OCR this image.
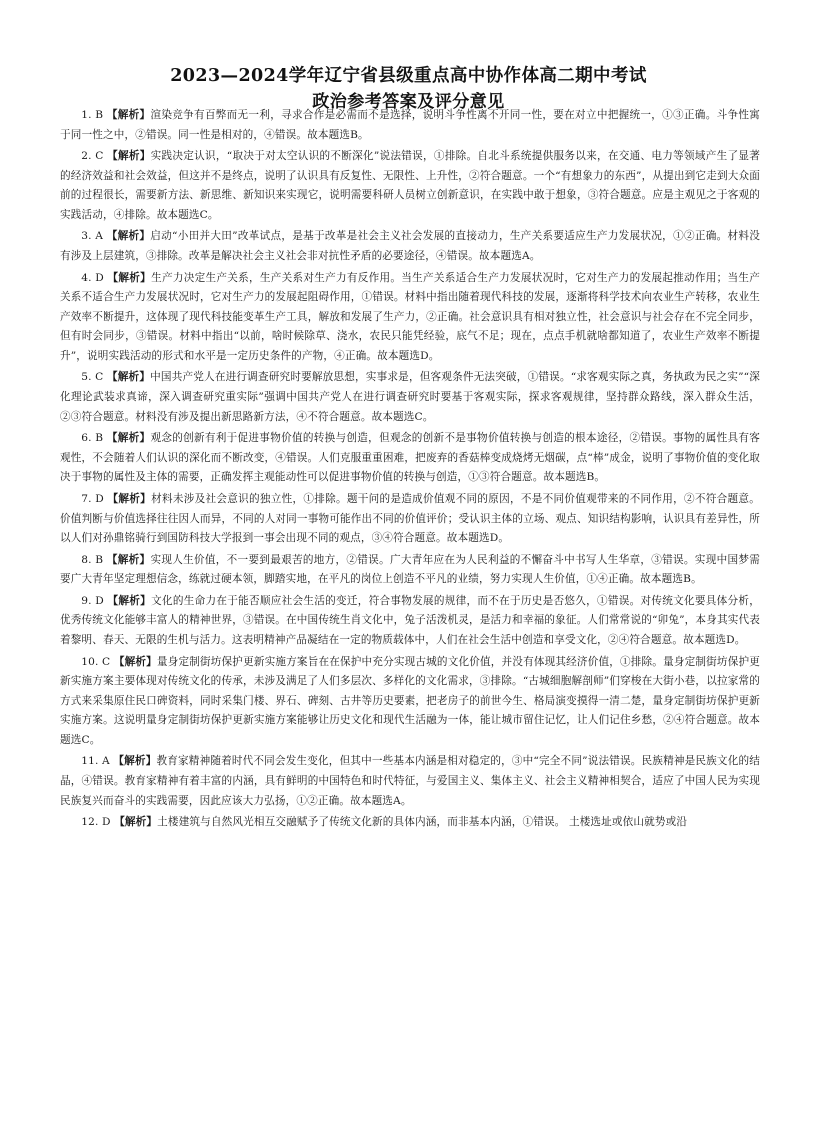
2023—2024学年辽宁省县级重点高中协作体高二期中考试
政治参考答案及评分意见

1. B 【解析】渲染竞争有百弊而无一利，寻求合作是必需而不是选择，说明斗争性离不开同一性，要在对立中把握统一，①③正确。斗争性寓于同一性之中，②错误。同一性是相对的，④错误。故本题选B。

2. C 【解析】实践决定认识，“取决于对太空认识的不断深化”说法错误，①排除。自北斗系统提供服务以来，在交通、电力等领域产生了显著的经济效益和社会效益，但这并不是终点，说明了认识具有反复性、无限性、上升性，②符合题意。一个“有想象力的东西”，从提出到它走到大众面前的过程很长，需要新方法、新思维、新知识来实现它，说明需要科研人员树立创新意识，在实践中敢于想象，③符合题意。应是主观见之于客观的实践活动，④排除。故本题选C。

3. A 【解析】启动“小田并大田”改革试点，是基于改革是社会主义社会发展的直接动力，生产关系要适应生产力发展状况，①②正确。材料没有涉及上层建筑，③排除。改革是解决社会主义社会非对抗性矛盾的必要途径，④错误。故本题选A。

4. D 【解析】生产力决定生产关系，生产关系对生产力有反作用。当生产关系适合生产力发展状况时，它对生产力的发展起推动作用；当生产关系不适合生产力发展状况时，它对生产力的发展起阻碍作用，①错误。材料中指出随着现代科技的发展，逐渐将科学技术向农业生产转移，农业生产效率不断提升，这体现了现代科技能变革生产工具，解放和发展了生产力，②正确。社会意识具有相对独立性，社会意识与社会存在不完全同步，但有时会同步，③错误。材料中指出“以前，啥时候除草、浇水，农民只能凭经验，底气不足；现在，点点手机就啥都知道了，农业生产效率不断提升”，说明实践活动的形式和水平是一定历史条件的产物，④正确。故本题选D。

5. C 【解析】中国共产党人在进行调查研究时要解放思想，实事求是，但客观条件无法突破，①错误。“求客观实际之真，务执政为民之实”“深化理论武装求真谛，深入调查研究重实际”强调中国共产党人在进行调查研究时要基于客观实际，探求客观规律，坚持群众路线，深入群众生活，②③符合题意。材料没有涉及提出新思路新方法，④不符合题意。故本题选C。

6. B 【解析】观念的创新有利于促进事物价值的转换与创造，但观念的创新不是事物价值转换与创造的根本途径，②错误。事物的属性具有客观性，不会随着人们认识的深化而不断改变，④错误。人们克服重重困难，把废弃的香菇棒变成烧烤无烟碳，点“棒”成金，说明了事物价值的变化取决于事物的属性及主体的需要，正确发挥主观能动性可以促进事物价值的转换与创造，①③符合题意。故本题选B。

7. D 【解析】材料未涉及社会意识的独立性，①排除。题干问的是造成价值观不同的原因，不是不同价值观带来的不同作用，②不符合题意。价值判断与价值选择往往因人而异，不同的人对同一事物可能作出不同的价值评价；受认识主体的立场、观点、知识结构影响，认识具有差异性，所以人们对孙鼎铭骑行到国防科技大学报到一事会出现不同的观点，③④符合题意。故本题选D。

8. B 【解析】实现人生价值，不一要到最艰苦的地方，②错误。广大青年应在为人民利益的不懈奋斗中书写人生华章，③错误。实现中国梦需要广大青年坚定理想信念，练就过硬本领，脚踏实地，在平凡的岗位上创造不平凡的业绩，努力实现人生价值，①④正确。故本题选B。

9. D 【解析】文化的生命力在于能否顺应社会生活的变迁，符合事物发展的规律，而不在于历史是否悠久，①错误。对传统文化要具体分析，优秀传统文化能够丰富人的精神世界，③错误。在中国传统生肖文化中，兔子活泼机灵，是活力和幸福的象征。人们常常说的“卯兔”，本身其实代表着黎明、春天、无限的生机与活力。这表明精神产品凝结在一定的物质载体中，人们在社会生活中创造和享受文化，②④符合题意。故本题选D。

10. C 【解析】量身定制街坊保护更新实施方案旨在在保护中充分实现古城的文化价值，并没有体现其经济价值，①排除。量身定制街坊保护更新实施方案主要体现对传统文化的传承，未涉及满足了人们多层次、多样化的文化需求，③排除。“古城细胞解剖师”们穿梭在大街小巷，以拉家常的方式来采集原住民口碑资料，同时采集门楼、界石、碑刻、古井等历史要素，把老房子的前世今生、格局演变摸得一清二楚，量身定制街坊保护更新实施方案。这说明量身定制街坊保护更新实施方案能够让历史文化和现代生活融为一体，能让城市留住记忆，让人们记住乡愁，②④符合题意。故本题选C。

11. A 【解析】教育家精神随着时代不同会发生变化，但其中一些基本内涵是相对稳定的，③中“完全不同”说法错误。民族精神是民族文化的结晶，④错误。教育家精神有着丰富的内涵，具有鲜明的中国特色和时代特征，与爱国主义、集体主义、社会主义精神相契合，适应了中国人民为实现民族复兴而奋斗的实践需要，因此应该大力弘扬，①②正确。故本题选A。

12. D 【解析】土楼建筑与自然风光相互交融赋予了传统文化新的具体内涵，而非基本内涵，①错误。 土楼选址或依山就势或沿
